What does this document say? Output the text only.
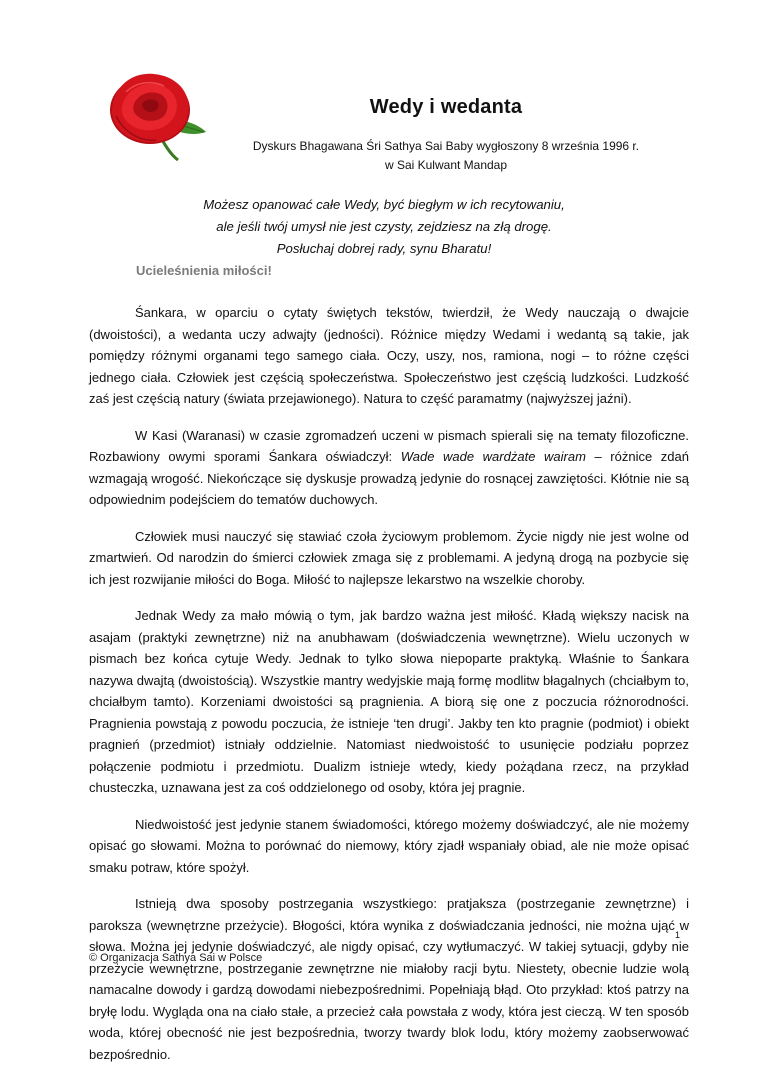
Wedy i wedanta
Dyskurs Bhagawana Śri Sathya Sai Baby wygłoszony 8 września 1996 r.
w Sai Kulwant Mandap
Możesz opanować całe Wedy, być biegłym w ich recytowaniu,
ale jeśli twój umysł nie jest czysty, zejdziesz na złą drogę.
Posłuchaj dobrej rady, synu Bharatu!
Ucieleśnienia miłości!

Śankara, w oparciu o cytaty świętych tekstów, twierdził, że Wedy nauczają o dwajcie (dwoistości), a wedanta uczy adwajty (jedności). Różnice między Wedami i wedantą są takie, jak pomiędzy różnymi organami tego samego ciała. Oczy, uszy, nos, ramiona, nogi – to różne części jednego ciała. Człowiek jest częścią społeczeństwa. Społeczeństwo jest częścią ludzkości. Ludzkość zaś jest częścią natury (świata przejawionego). Natura to część paramatmy (najwyższej jaźni).

W Kasi (Waranasi) w czasie zgromadzeń uczeni w pismach spierali się na tematy filozoficzne. Rozbawiony owymi sporami Śankara oświadczył: Wade wade wardżate wairam – różnice zdań wzmagają wrogość. Niekończące się dyskusje prowadzą jedynie do rosnącej zawziętości. Kłótnie nie są odpowiednim podejściem do tematów duchowych.

Człowiek musi nauczyć się stawiać czoła życiowym problemom. Życie nigdy nie jest wolne od zmartwień. Od narodzin do śmierci człowiek zmaga się z problemami. A jedyną drogą na pozbycie się ich jest rozwijanie miłości do Boga. Miłość to najlepsze lekarstwo na wszelkie choroby.

Jednak Wedy za mało mówią o tym, jak bardzo ważna jest miłość. Kładą większy nacisk na asajam (praktyki zewnętrzne) niż na anubhawam (doświadczenia wewnętrzne). Wielu uczonych w pismach bez końca cytuje Wedy. Jednak to tylko słowa niepoparte praktyką. Właśnie to Śankara nazywa dwajtą (dwoistością). Wszystkie mantry wedyjskie mają formę modlitw błagalnych (chciałbym to, chciałbym tamto). Korzeniami dwoistości są pragnienia. A biorą się one z poczucia różnorodności. Pragnienia powstają z powodu poczucia, że istnieje ‘ten drugi’. Jakby ten kto pragnie (podmiot) i obiekt pragnień (przedmiot) istniały oddzielnie. Natomiast niedwoistość to usunięcie podziału poprzez połączenie podmiotu i przedmiotu. Dualizm istnieje wtedy, kiedy pożądana rzecz, na przykład chusteczka, uznawana jest za coś oddzielonego od osoby, która jej pragnie.

Niedwoistość jest jedynie stanem świadomości, którego możemy doświadczyć, ale nie możemy opisać go słowami. Można to porównać do niemowy, który zjadł wspaniały obiad, ale nie może opisać smaku potraw, które spożył.

Istnieją dwa sposoby postrzegania wszystkiego: pratjaksza (postrzeganie zewnętrzne) i paroksza (wewnętrzne przeżycie). Błogości, która wynika z doświadczania jedności, nie można ująć w słowa. Można jej jedynie doświadczyć, ale nigdy opisać, czy wytłumaczyć. W takiej sytuacji, gdyby nie przeżycie wewnętrzne, postrzeganie zewnętrzne nie miałoby racji bytu. Niestety, obecnie ludzie wolą namacalne dowody i gardzą dowodami niebezpośrednimi. Popełniają błąd. Oto przykład: ktoś patrzy na bryłę lodu. Wygląda ona na ciało stałe, a przecież cała powstała z wody, która jest cieczą. W ten sposób woda, której obecność nie jest bezpośrednia, tworzy twardy blok lodu, który możemy zaobserwować bezpośrednio.

1
© Organizacja Sathya Sai w Polsce
